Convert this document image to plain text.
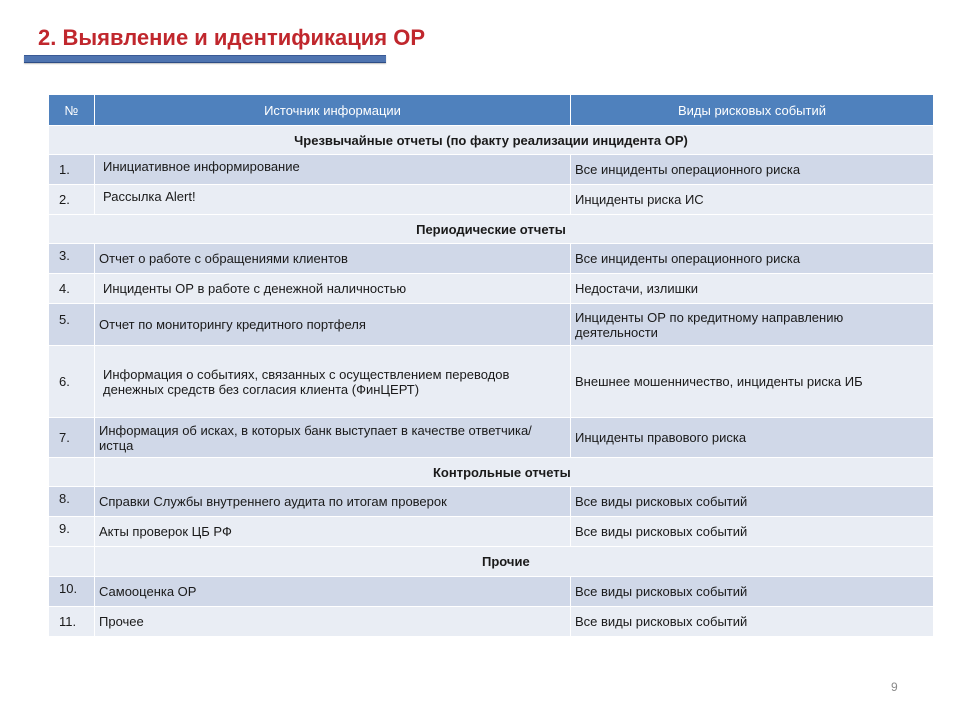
2. Выявление и идентификация ОР
№	Источник информации	Виды рисковых событий
Чрезвычайные отчеты (по факту реализации инцидента ОР)		
1.	Инициативное информирование	Все инциденты операционного риска
2.	Рассылка Alert!	Инциденты риска ИС
Периодические отчеты		
3.	Отчет о работе с обращениями клиентов	Все инциденты операционного риска
4.	Инциденты ОР в работе с денежной наличностью	Недостачи, излишки
5.	Отчет по мониторингу кредитного портфеля	Инциденты ОР по кредитному направлению деятельности
6.	Информация о событиях, связанных с осуществлением переводов денежных средств без согласия клиента (ФинЦЕРТ)	Внешнее мошенничество, инциденты риска ИБ
7.	Информация об исках, в которых банк выступает в качестве ответчика/истца	Инциденты правового риска
	Контрольные отчеты	
8.	Справки Службы внутреннего аудита по итогам проверок	Все виды рисковых событий
9.	Акты проверок ЦБ РФ	Все виды рисковых событий
	Прочие	
10.	Самооценка ОР	Все виды рисковых событий
11.	Прочее	Все виды рисковых событий
9
